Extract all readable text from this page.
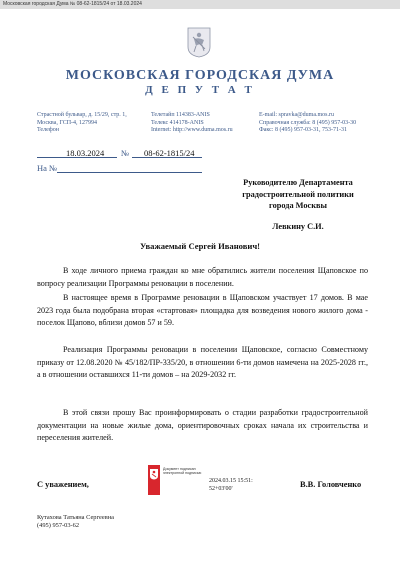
Московская городская Дума № 08-62-1815/24 от 18.03.2024
МОСКОВСКАЯ ГОРОДСКАЯ ДУМА
Д Е П У Т А Т
Страстной бульвар, д. 15/29, стр. 1,
Москва, ГСП-4, 127994
Телефон
Телетайп 114383-ANIS
Телекс 414178-ANIS
Internet: http://www.duma.mos.ru
E-mail: spravka@duma.mos.ru
Справочная служба: 8 (495) 957-03-30
Факс: 8 (495) 957-03-31, 753-71-31
18.03.2024 № 08-62-1815/24
На №
Руководителю Департамента
градостроительной политики
города Москвы
Левкину С.И.
Уважаемый Сергей Иванович!
В ходе личного приема граждан ко мне обратились жители поселения Щаповское по вопросу реализации Программы реновации в поселении.
В настоящее время в Программе реновации в Щаповском участвует 17 домов. В мае 2023 года была подобрана вторая «стартовая» площадка для возведения нового жилого дома - поселок Щапово, вблизи домов 57 и 59.
Реализация Программы реновации в поселении Щаповское, согласно Совместному приказу от 12.08.2020 № 45/182/ПР-335/20, в отношении 6-ти домов намечена на 2025-2028 гг., а в отношении оставшихся 11-ти домов – на 2029-2032 гг.
В этой связи прошу Вас проинформировать о стадии разработки градостроительной документации на новые жилые дома, ориентировочных сроках начала их строительства и переселения жителей.
С уважением,
Документ подписан
электронной подписью
2024.03.15 15:51:
52+03'00'	В.В. Головченко
Кутахова Татьяна Сергеевна
(495) 957-03-62
